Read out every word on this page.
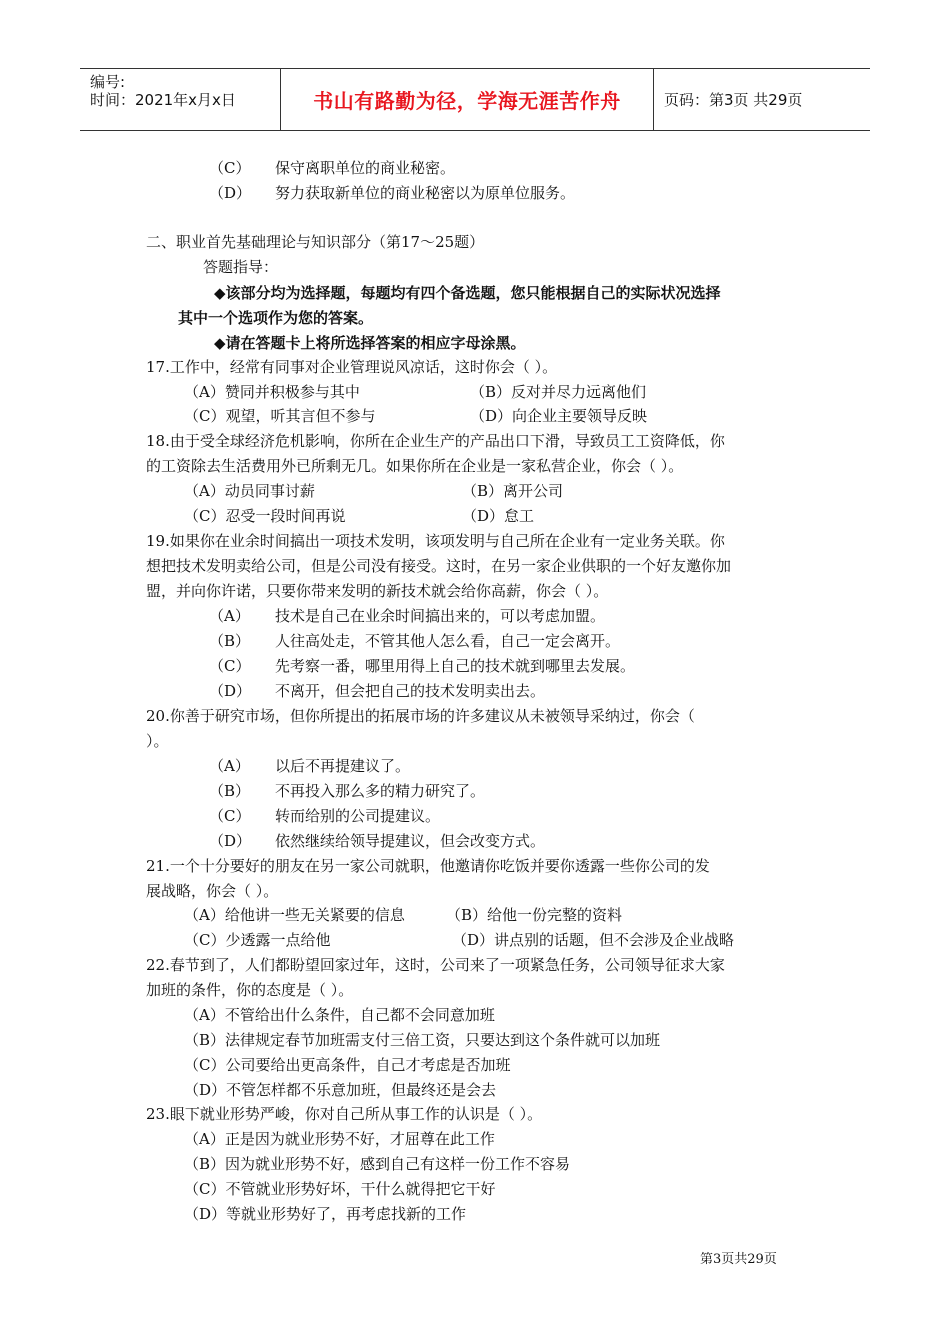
编号:
时间：2021年x月x日	书山有路勤为径，学海无涯苦作舟	页码：第3页 共29页
（C） 保守离职单位的商业秘密。
（D） 努力获取新单位的商业秘密以为原单位服务。
二、职业首先基础理论与知识部分（第17～25题）
答题指导：
◆该部分均为选择题，每题均有四个备选题，您只能根据自己的实际状况选择
其中一个选项作为您的答案。
◆请在答题卡上将所选择答案的相应字母涂黑。
17.工作中，经常有同事对企业管理说风凉话，这时你会（ ）。
（A）赞同并积极参与其中	（B）反对并尽力远离他们
（C）观望，听其言但不参与	（D）向企业主要领导反映
18.由于受全球经济危机影响，你所在企业生产的产品出口下滑，导致员工工资降低，你
的工资除去生活费用外已所剩无几。如果你所在企业是一家私营企业，你会（ ）。
（A）动员同事讨薪	（B）离开公司
（C）忍受一段时间再说	（D）怠工
19.如果你在业余时间搞出一项技术发明，该项发明与自己所在企业有一定业务关联。你
想把技术发明卖给公司，但是公司没有接受。这时，在另一家企业供职的一个好友邀你加
盟，并向你许诺，只要你带来发明的新技术就会给你高薪，你会（ ）。
（A） 技术是自己在业余时间搞出来的，可以考虑加盟。
（B） 人往高处走，不管其他人怎么看，自己一定会离开。
（C） 先考察一番，哪里用得上自己的技术就到哪里去发展。
（D） 不离开，但会把自己的技术发明卖出去。
20.你善于研究市场，但你所提出的拓展市场的许多建议从未被领导采纳过，你会（
）。
（A） 以后不再提建议了。
（B） 不再投入那么多的精力研究了。
（C） 转而给别的公司提建议。
（D） 依然继续给领导提建议，但会改变方式。
21.一个十分要好的朋友在另一家公司就职，他邀请你吃饭并要你透露一些你公司的发
展战略，你会（ ）。
（A）给他讲一些无关紧要的信息	（B）给他一份完整的资料
（C）少透露一点给他	（D）讲点别的话题，但不会涉及企业战略
22.春节到了，人们都盼望回家过年，这时，公司来了一项紧急任务，公司领导征求大家
加班的条件，你的态度是（ ）。
（A）不管给出什么条件，自己都不会同意加班
（B）法律规定春节加班需支付三倍工资，只要达到这个条件就可以加班
（C）公司要给出更高条件，自己才考虑是否加班
（D）不管怎样都不乐意加班，但最终还是会去
23.眼下就业形势严峻，你对自己所从事工作的认识是（ ）。
（A）正是因为就业形势不好，才屈尊在此工作
（B）因为就业形势不好，感到自己有这样一份工作不容易
（C）不管就业形势好坏，干什么就得把它干好
（D）等就业形势好了，再考虑找新的工作
第3页共29页
